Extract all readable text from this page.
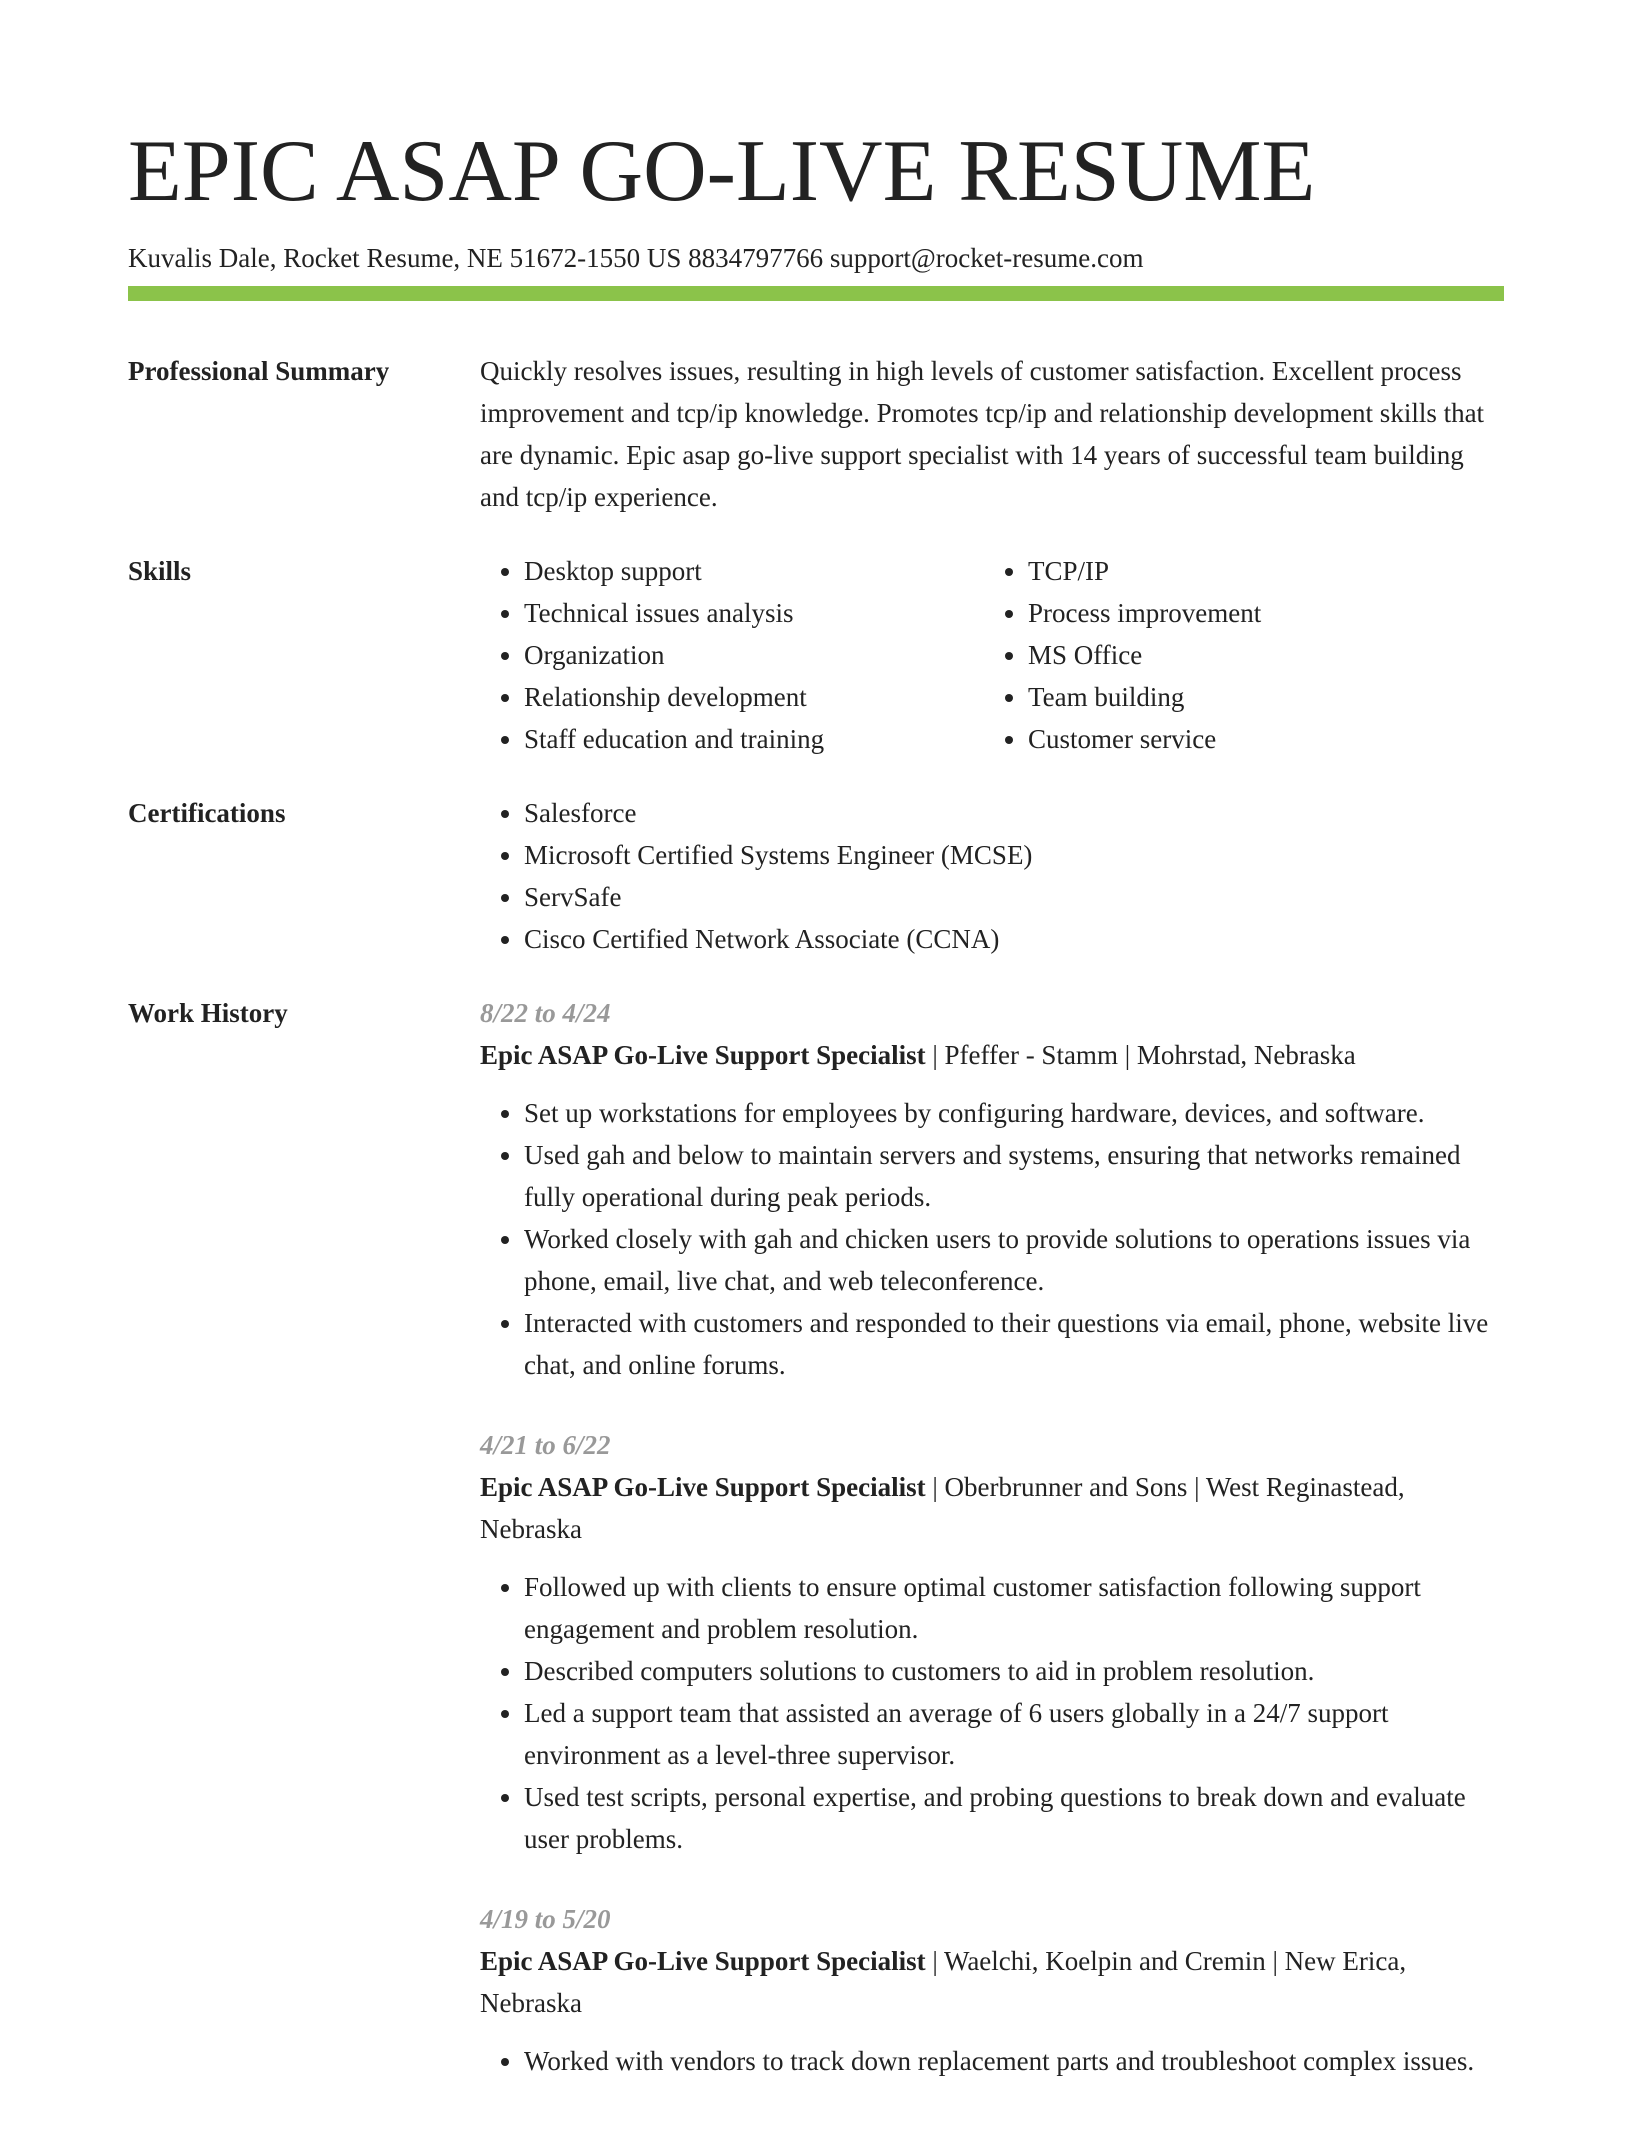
EPIC ASAP GO-LIVE RESUME
Kuvalis Dale, Rocket Resume, NE 51672-1550 US 8834797766 support@rocket-resume.com
Professional Summary	Quickly resolves issues, resulting in high levels of customer satisfaction. Excellent process improvement and tcp/ip knowledge. Promotes tcp/ip and relationship development skills that are dynamic. Epic asap go-live support specialist with 14 years of successful team building and tcp/ip experience.

Skills	• Desktop support
• Technical issues analysis
• Organization
• Relationship development
• Staff education and training
• TCP/IP
• Process improvement
• MS Office
• Team building
• Customer service
Certifications	• Salesforce
• Microsoft Certified Systems Engineer (MCSE)
• ServSafe
• Cisco Certified Network Associate (CCNA)
Work History	8/22 to 4/24
Epic ASAP Go-Live Support Specialist | Pfeffer - Stamm | Mohrstad, Nebraska
• Set up workstations for employees by configuring hardware, devices, and software.
• Used gah and below to maintain servers and systems, ensuring that networks remained fully operational during peak periods.
• Worked closely with gah and chicken users to provide solutions to operations issues via phone, email, live chat, and web teleconference.
• Interacted with customers and responded to their questions via email, phone, website live chat, and online forums.
4/21 to 6/22
Epic ASAP Go-Live Support Specialist | Oberbrunner and Sons | West Reginastead, Nebraska
• Followed up with clients to ensure optimal customer satisfaction following support engagement and problem resolution.
• Described computers solutions to customers to aid in problem resolution.
• Led a support team that assisted an average of 6 users globally in a 24/7 support environment as a level-three supervisor.
• Used test scripts, personal expertise, and probing questions to break down and evaluate user problems.
4/19 to 5/20
Epic ASAP Go-Live Support Specialist | Waelchi, Koelpin and Cremin | New Erica, Nebraska
• Worked with vendors to track down replacement parts and troubleshoot complex issues.
